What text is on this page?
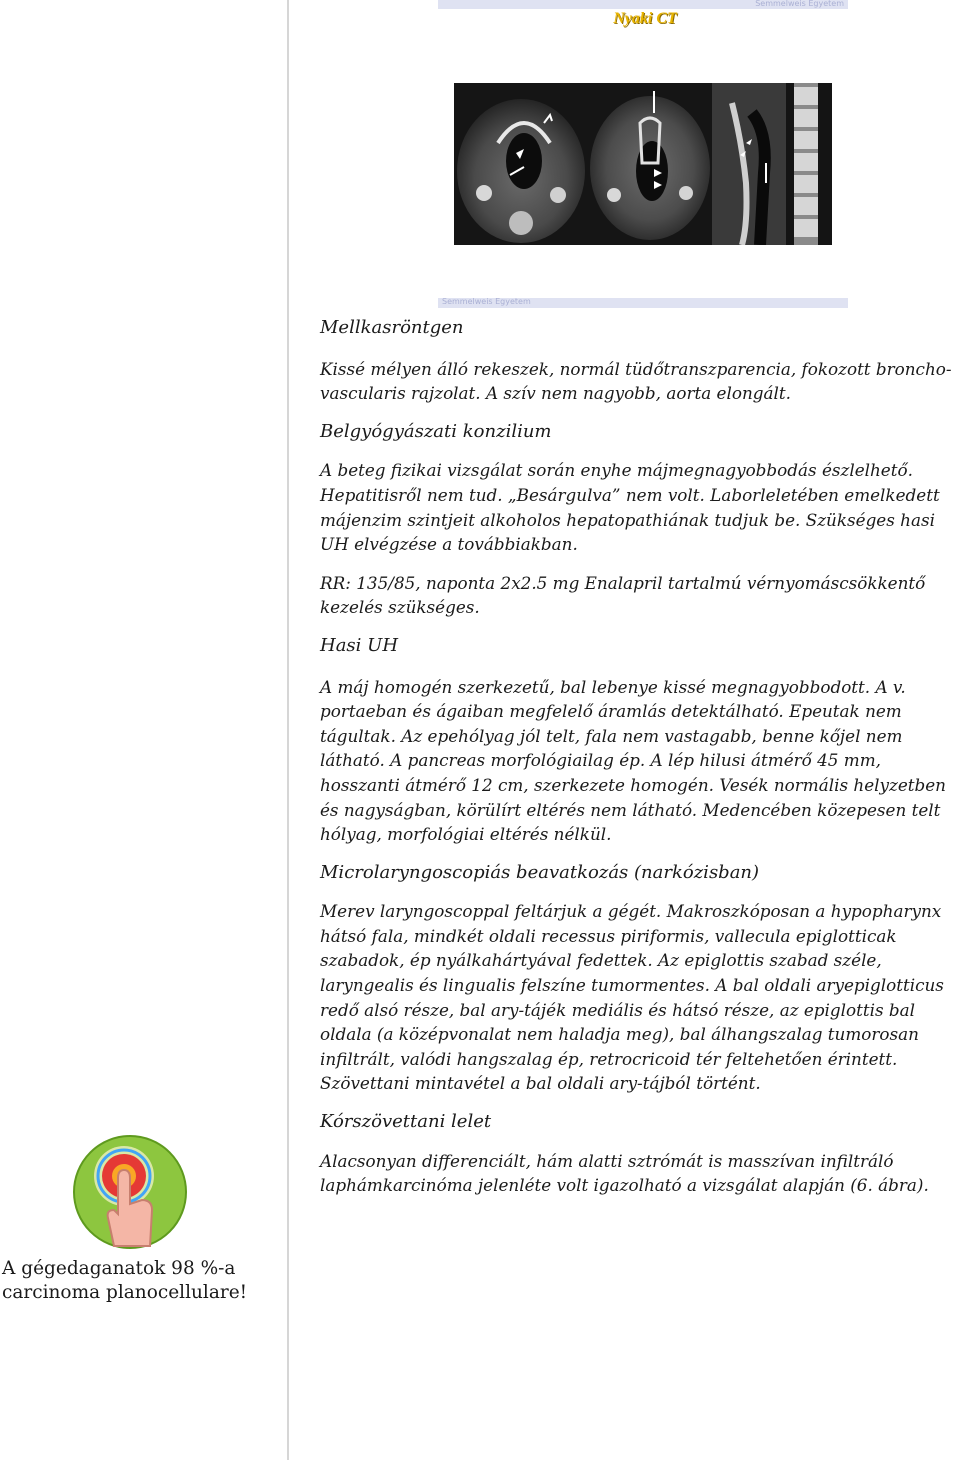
Semmelweis Egyetem
Nyaki CT
Semmelweis Egyetem
Mellkasröntgen

Kissé mélyen álló rekeszek, normál tüdőtranszparencia, fokozott broncho-vascularis rajzolat. A szív nem nagyobb, aorta elongált.

Belgyógyászati konzilium

A beteg fizikai vizsgálat során enyhe májmegnagyobbodás észlelhető. Hepatitisről nem tud. „Besárgulva” nem volt. Laborleletében emelkedett májenzim szintjeit alkoholos hepatopathiának tudjuk be. Szükséges hasi UH elvégzése a továbbiakban.

RR: 135/85, naponta 2x2.5 mg Enalapril tartalmú vérnyomáscsökkentő kezelés szükséges.

Hasi UH

A máj homogén szerkezetű, bal lebenye kissé megnagyobbodott. A v. portaeban és ágaiban megfelelő áramlás detektálható. Epeutak nem tágultak. Az epehólyag jól telt, fala nem vastagabb, benne kőjel nem látható. A pancreas morfológiailag ép. A lép hilusi átmérő 45 mm, hosszanti átmérő 12 cm, szerkezete homogén. Vesék normális helyzetben és nagyságban, körülírt eltérés nem látható. Medencében közepesen telt hólyag, morfológiai eltérés nélkül.

Microlaryngoscopiás beavatkozás (narkózisban)

Merev laryngoscoppal feltárjuk a gégét. Makroszkóposan a hypopharynx hátsó fala, mindkét oldali recessus piriformis, vallecula epiglotticak szabadok, ép nyálkahártyával fedettek. Az epiglottis szabad széle, laryngealis és lingualis felszíne tumormentes. A bal oldali aryepiglotticus redő alsó része, bal ary-tájék mediális és hátsó része, az epiglottis bal oldala (a középvonalat nem haladja meg), bal álhangszalag tumorosan infiltrált, valódi hangszalag ép, retrocricoid tér feltehetően érintett. Szövettani mintavétel a bal oldali ary-tájból történt.

Kórszövettani lelet

Alacsonyan differenciált, hám alatti sztrómát is masszívan infiltráló laphámkarcinóma jelenléte volt igazolható a vizsgálat alapján (6. ábra).

A gégedaganatok 98 %-a carcinoma planocellulare!
